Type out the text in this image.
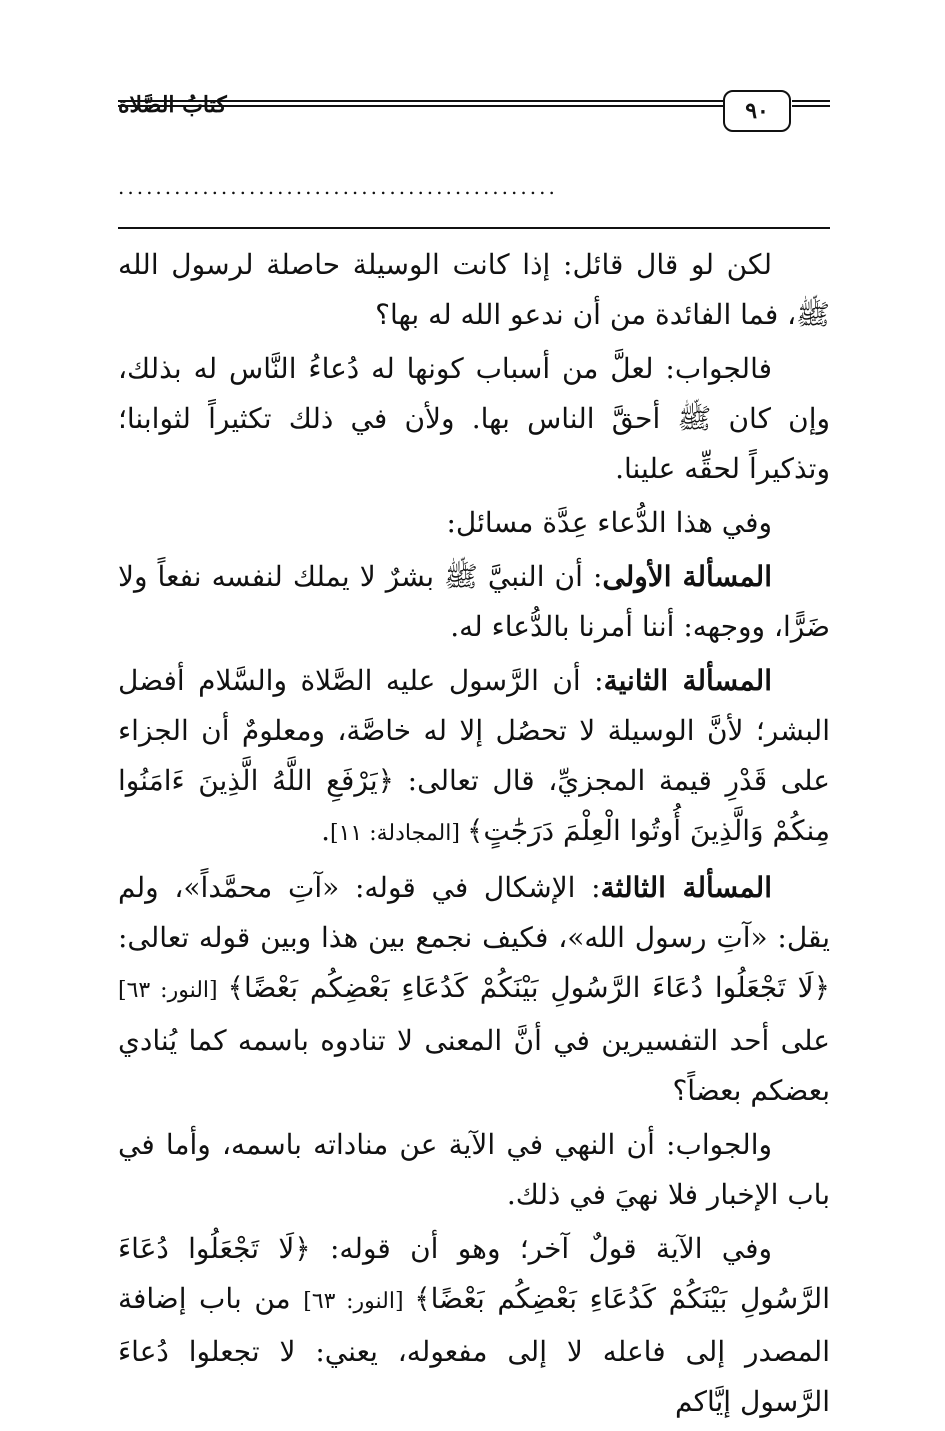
٩٠
كتابُ الصَّلاة
...............................................

لكن لو قال قائل: إذا كانت الوسيلة حاصلة لرسول الله ﷺ، فما الفائدة من أن ندعو الله له بها؟

فالجواب: لعلَّ من أسباب كونها له دُعاءُ النَّاس له بذلك، وإن كان ﷺ أحقَّ الناس بها. ولأن في ذلك تكثيراً لثوابنا؛ وتذكيراً لحقِّه علينا.

وفي هذا الدُّعاء عِدَّة مسائل:

المسألة الأولى: أن النبيَّ ﷺ بشرٌ لا يملك لنفسه نفعاً ولا ضَرًّا، ووجهه: أننا أمرنا بالدُّعاء له.

المسألة الثانية: أن الرَّسول عليه الصَّلاة والسَّلام أفضل البشر؛ لأنَّ الوسيلة لا تحصُل إلا له خاصَّة، ومعلومٌ أن الجزاء على قَدْرِ قيمة المجزيِّ، قال تعالى: ﴿يَرْفَعِ اللَّهُ الَّذِينَ ءَامَنُوا مِنكُمْ وَالَّذِينَ أُوتُوا الْعِلْمَ دَرَجَٰتٍ﴾ [المجادلة: ١١].

المسألة الثالثة: الإشكال في قوله: «آتِ محمَّداً»، ولم يقل: «آتِ رسول الله»، فكيف نجمع بين هذا وبين قوله تعالى: ﴿لَا تَجْعَلُوا دُعَاءَ الرَّسُولِ بَيْنَكُمْ كَدُعَاءِ بَعْضِكُم بَعْضًا﴾ [النور: ٦٣] على أحد التفسيرين في أنَّ المعنى لا تنادوه باسمه كما يُنادي بعضكم بعضاً؟

والجواب: أن النهي في الآية عن مناداته باسمه، وأما في باب الإخبار فلا نهيَ في ذلك.

وفي الآية قولٌ آخر؛ وهو أن قوله: ﴿لَا تَجْعَلُوا دُعَاءَ الرَّسُولِ بَيْنَكُمْ كَدُعَاءِ بَعْضِكُم بَعْضًا﴾ [النور: ٦٣] من باب إضافة المصدر إلى فاعله لا إلى مفعوله، يعني: لا تجعلوا دُعاءَ الرَّسول إيَّاكم
